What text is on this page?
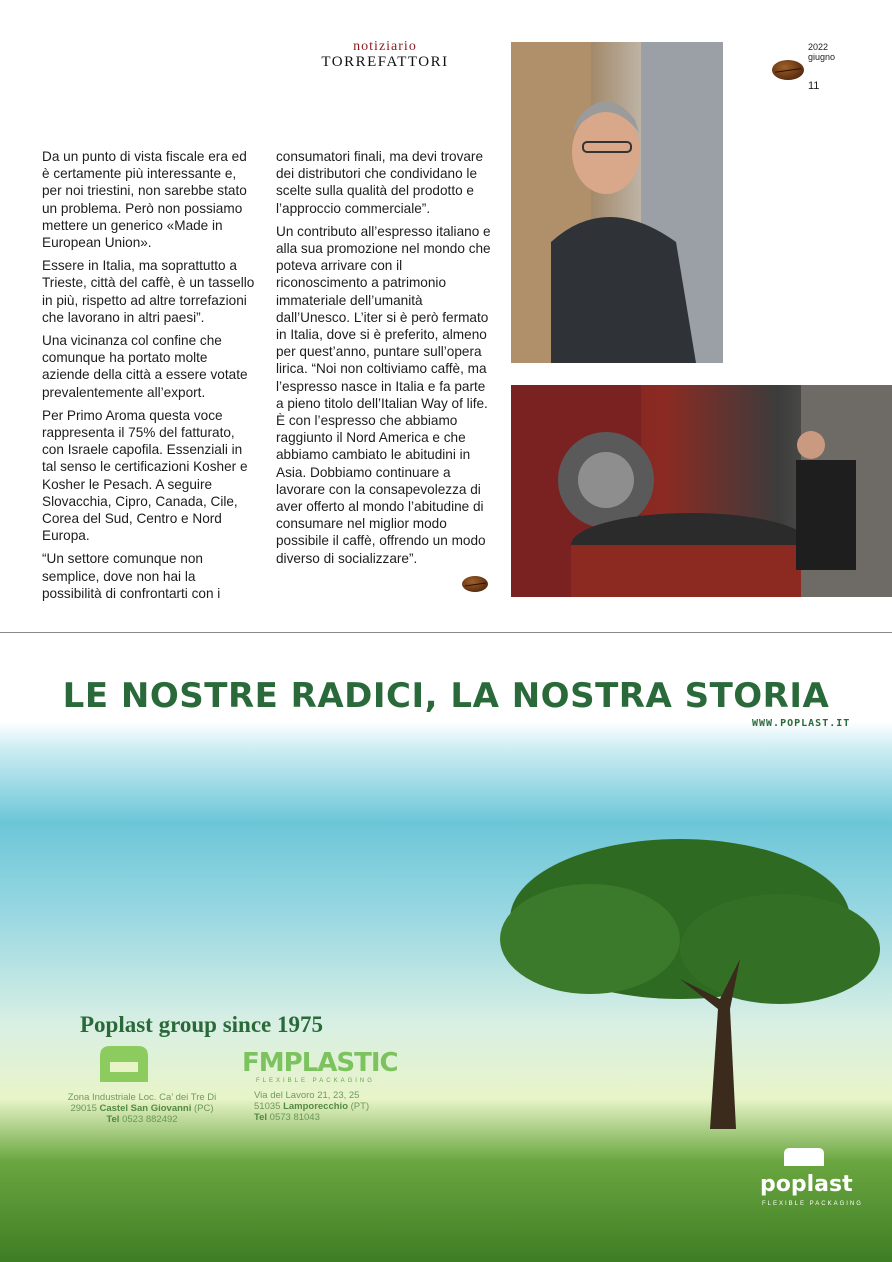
notiziario
TORREFATTORI
2022
giugno
11

Da un punto di vista fiscale era ed è certamente più interessante e, per noi triestini, non sarebbe stato un problema. Però non possiamo mettere un generico «Made in European Union».

Essere in Italia, ma soprattutto a Trieste, città del caffè, è un tassello in più, rispetto ad altre torrefazioni che lavorano in altri paesi”.

Una vicinanza col confine che comunque ha portato molte aziende della città a essere votate prevalentemente all’export.

Per Primo Aroma questa voce rappresenta il 75% del fatturato, con Israele capofila. Essenziali in tal senso le certificazioni Kosher e Kosher le Pesach. A seguire Slovacchia, Cipro, Canada, Cile, Corea del Sud, Centro e Nord Europa.

“Un settore comunque non semplice, dove non hai la possibilità di confrontarti con i

consumatori finali, ma devi trovare dei distributori che condividano le scelte sulla qualità del prodotto e l’approccio commerciale”.

Un contributo all’espresso italiano e alla sua promozione nel mondo che poteva arrivare con il riconoscimento a patrimonio immateriale dell’umanità dall’Unesco. L’iter si è però fermato in Italia, dove si è preferito, almeno per quest’anno, puntare sull’opera lirica. “Noi non coltiviamo caffè, ma l’espresso nasce in Italia e fa parte a pieno titolo dell’Italian Way of life. È con l’espresso che abbiamo raggiunto il Nord America e che abbiamo cambiato le abitudini in Asia. Dobbiamo continuare a lavorare con la consapevolezza di aver offerto al mondo l’abitudine di consumare nel miglior modo possibile il caffè, offrendo un modo diverso di socializzare”.

LE NOSTRE RADICI, LA NOSTRA STORIA
WWW.POPLAST.IT
Poplast group since 1975
Zona Industriale Loc. Ca’ dei Tre Di
29015 Castel San Giovanni (PC)
Tel 0523 882492
FMPLASTIC
FLEXIBLE PACKAGING
Via del Lavoro 21, 23, 25
51035 Lamporecchio (PT)
Tel 0573 81043
poplast
FLEXIBLE PACKAGING
